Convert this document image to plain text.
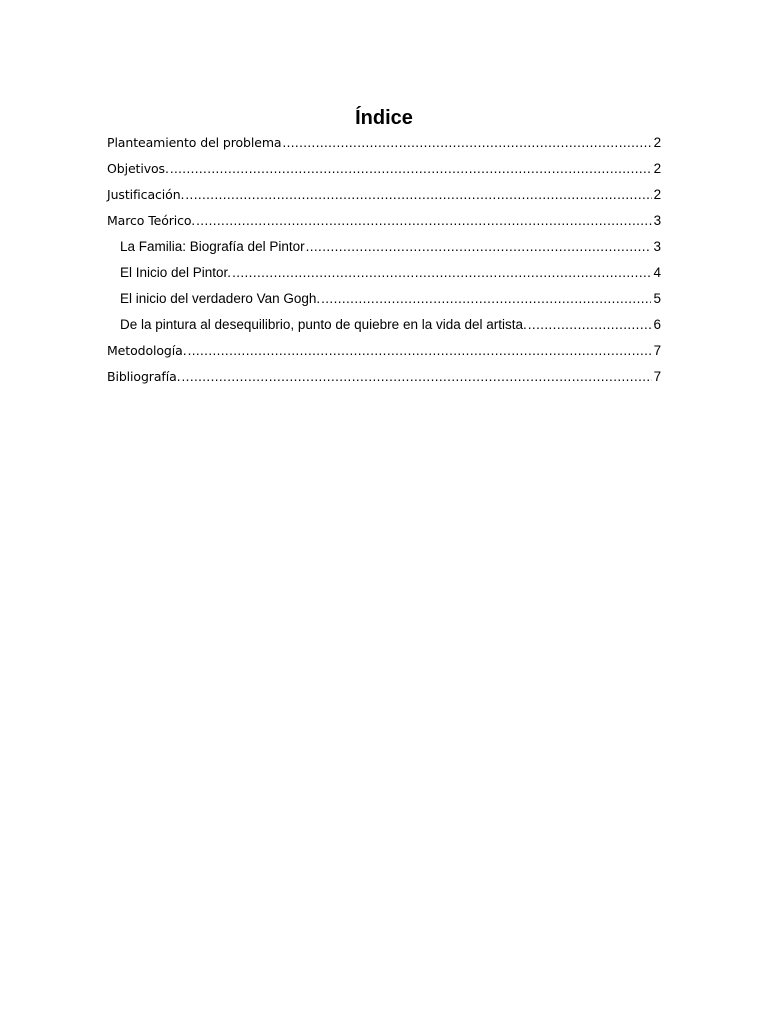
Índice
Planteamiento del problema .....	2
Objetivos. .....	2
Justificación. .....	2
Marco Teórico. .....	3
La Familia: Biografía del Pintor .....	3
El Inicio del Pintor. .....	4
El inicio del verdadero Van Gogh. .....	5
De la pintura al desequilibrio, punto de quiebre en la vida del artista. .....	6
Metodología. .....	7
Bibliografía. .....	7
